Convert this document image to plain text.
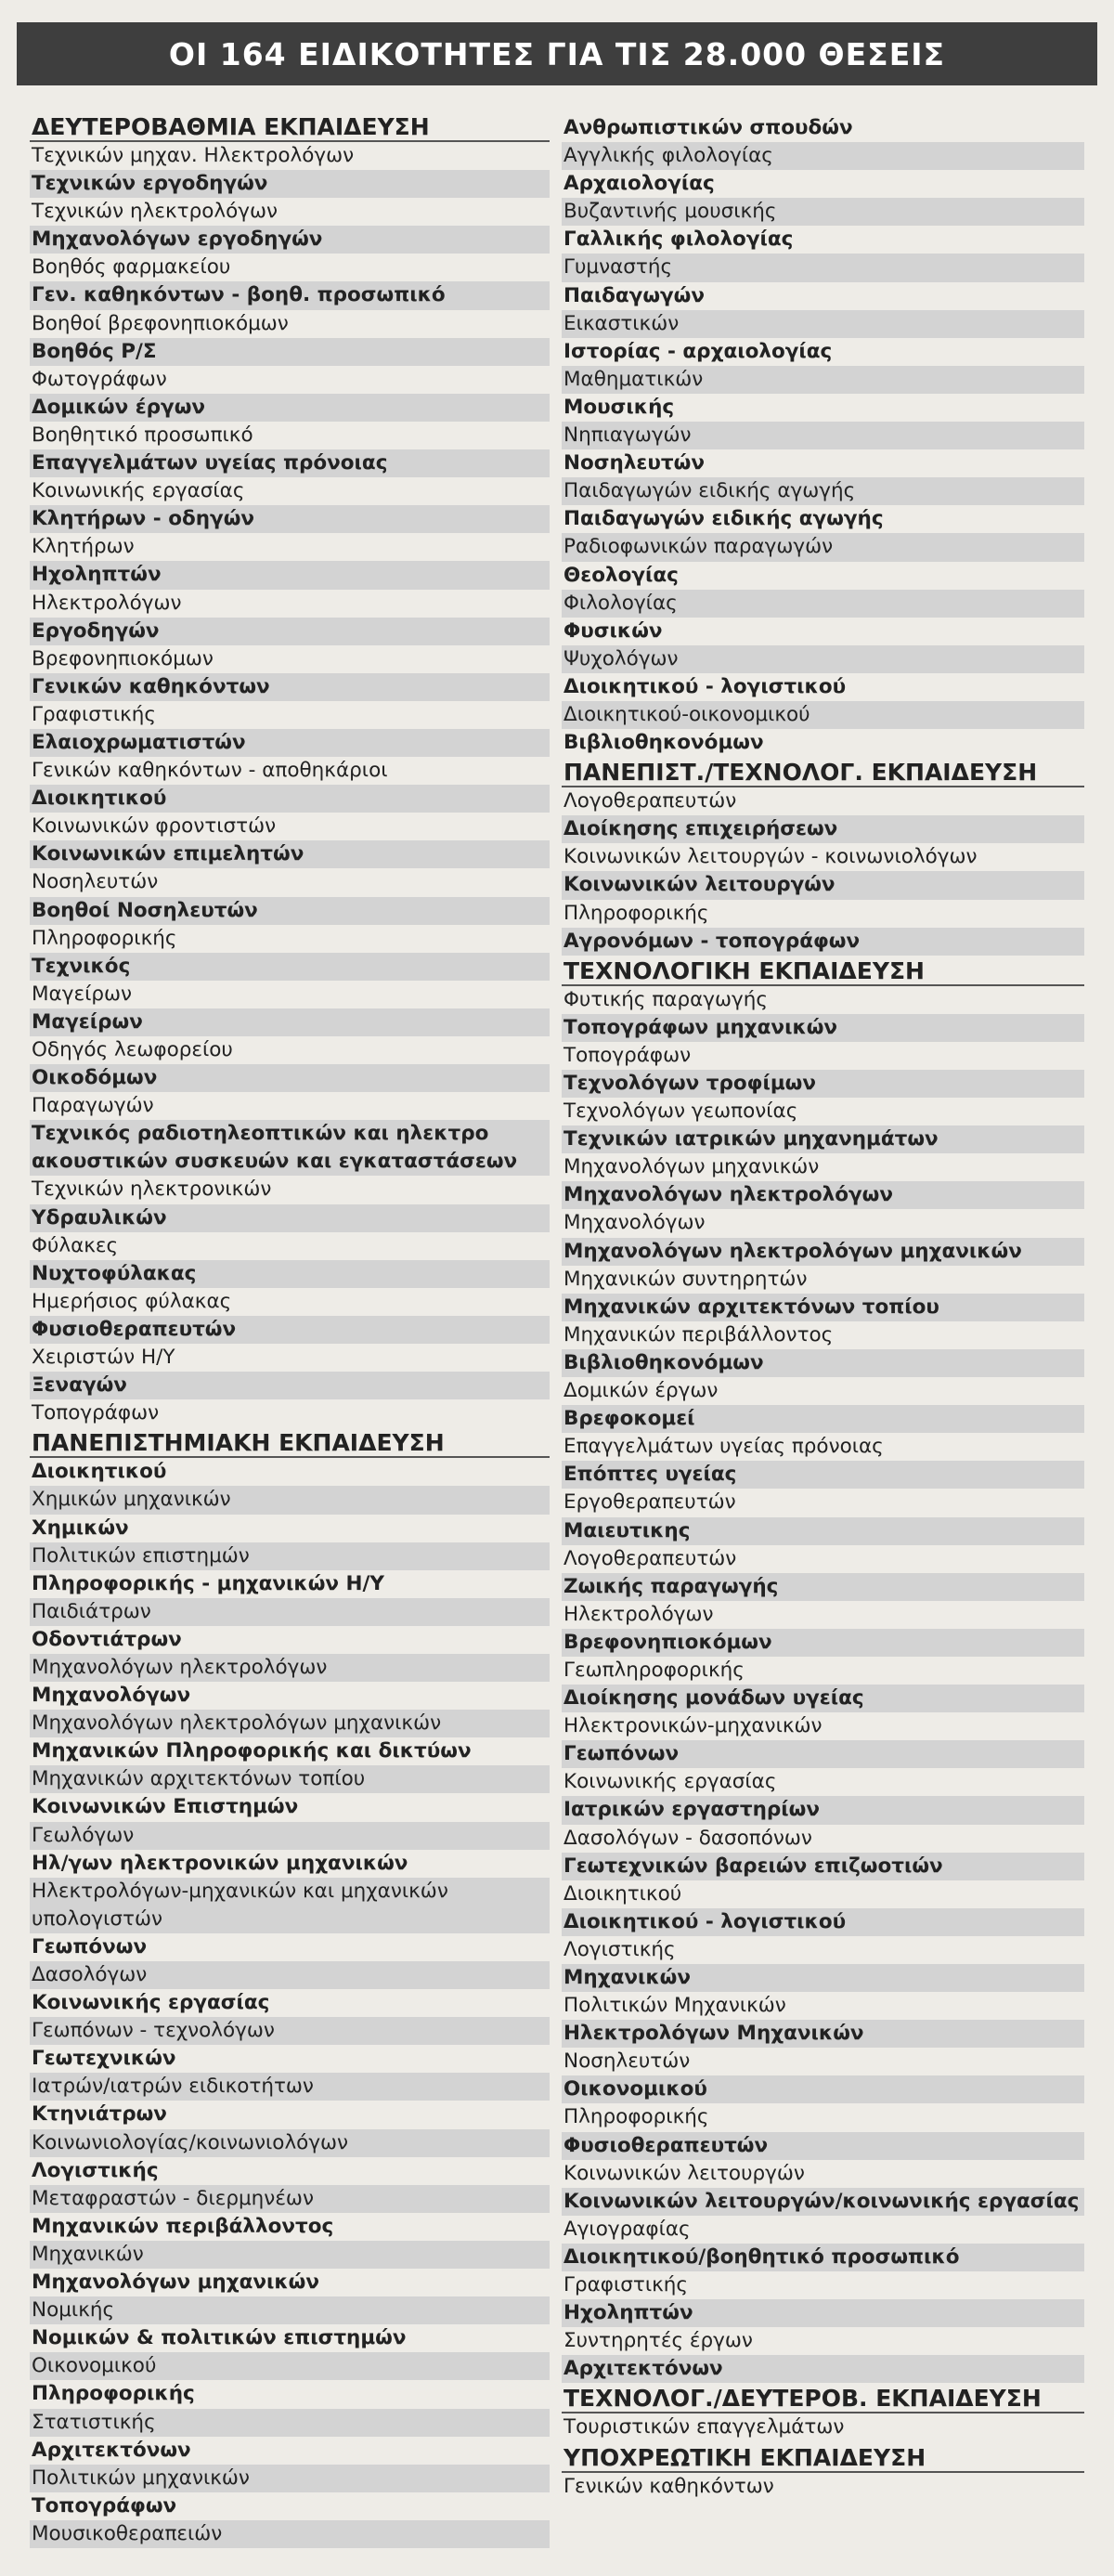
ΟΙ 164 ΕΙΔΙΚΟΤΗΤΕΣ ΓΙΑ ΤΙΣ 28.000 ΘΕΣΕΙΣ
ΔΕΥΤΕΡΟΒΑΘΜΙΑ ΕΚΠΑΙΔΕΥΣΗ
Τεχνικών μηχαν. Ηλεκτρολόγων
Τεχνικών εργοδηγών
Τεχνικών ηλεκτρολόγων
Μηχανολόγων εργοδηγών
Βοηθός φαρμακείου
Γεν. καθηκόντων - βοηθ. προσωπικό
Βοηθοί βρεφονηπιοκόμων
Βοηθός Ρ/Σ
Φωτογράφων
Δομικών έργων
Βοηθητικό προσωπικό
Επαγγελμάτων υγείας πρόνοιας
Κοινωνικής εργασίας
Κλητήρων - οδηγών
Κλητήρων
Ηχοληπτών
Ηλεκτρολόγων
Εργοδηγών
Βρεφονηπιοκόμων
Γενικών καθηκόντων
Γραφιστικής
Ελαιοχρωματιστών
Γενικών καθηκόντων - αποθηκάριοι
Διοικητικού
Κοινωνικών φροντιστών
Κοινωνικών επιμελητών
Νοσηλευτών
Βοηθοί Νοσηλευτών
Πληροφορικής
Τεχνικός
Μαγείρων
Μαγείρων
Οδηγός λεωφορείου
Οικοδόμων
Παραγωγών
Τεχνικός ραδιοτηλεοπτικών και ηλεκτρο ακουστικών συσκευών και εγκαταστάσεων
Τεχνικών ηλεκτρονικών
Υδραυλικών
Φύλακες
Νυχτοφύλακας
Ημερήσιος φύλακας
Φυσιοθεραπευτών
Χειριστών Η/Υ
Ξεναγών
Τοπογράφων
ΠΑΝΕΠΙΣΤΗΜΙΑΚΗ ΕΚΠΑΙΔΕΥΣΗ
Διοικητικού
Χημικών μηχανικών
Χημικών
Πολιτικών επιστημών
Πληροφορικής - μηχανικών Η/Υ
Παιδιάτρων
Οδοντιάτρων
Μηχανολόγων ηλεκτρολόγων
Μηχανολόγων
Μηχανολόγων ηλεκτρολόγων μηχανικών
Μηχανικών Πληροφορικής και δικτύων
Μηχανικών αρχιτεκτόνων τοπίου
Κοινωνικών Επιστημών
Γεωλόγων
Ηλ/γων ηλεκτρονικών μηχανικών
Ηλεκτρολόγων-μηχανικών και μηχανικών υπολογιστών
Γεωπόνων
Δασολόγων
Κοινωνικής εργασίας
Γεωπόνων - τεχνολόγων
Γεωτεχνικών
Ιατρών/ιατρών ειδικοτήτων
Κτηνιάτρων
Κοινωνιολογίας/κοινωνιολόγων
Λογιστικής
Μεταφραστών - διερμηνέων
Μηχανικών περιβάλλοντος
Μηχανικών
Μηχανολόγων μηχανικών
Νομικής
Νομικών & πολιτικών επιστημών
Οικονομικού
Πληροφορικής
Στατιστικής
Αρχιτεκτόνων
Πολιτικών μηχανικών
Τοπογράφων
Μουσικοθεραπειών
Ανθρωπιστικών σπουδών
Αγγλικής φιλολογίας
Αρχαιολογίας
Βυζαντινής μουσικής
Γαλλικής φιλολογίας
Γυμναστής
Παιδαγωγών
Εικαστικών
Ιστορίας - αρχαιολογίας
Μαθηματικών
Μουσικής
Νηπιαγωγών
Νοσηλευτών
Παιδαγωγών ειδικής αγωγής
Παιδαγωγών ειδικής αγωγής
Ραδιοφωνικών παραγωγών
Θεολογίας
Φιλολογίας
Φυσικών
Ψυχολόγων
Διοικητικού - λογιστικού
Διοικητικού-οικονομικού
Βιβλιοθηκονόμων
ΠΑΝΕΠΙΣΤ./ΤΕΧΝΟΛΟΓ. ΕΚΠΑΙΔΕΥΣΗ
Λογοθεραπευτών
Διοίκησης επιχειρήσεων
Κοινωνικών λειτουργών - κοινωνιολόγων
Κοινωνικών λειτουργών
Πληροφορικής
Αγρονόμων - τοπογράφων
ΤΕΧΝΟΛΟΓΙΚΗ ΕΚΠΑΙΔΕΥΣΗ
Φυτικής παραγωγής
Τοπογράφων μηχανικών
Τοπογράφων
Τεχνολόγων τροφίμων
Τεχνολόγων γεωπονίας
Τεχνικών ιατρικών μηχανημάτων
Μηχανολόγων μηχανικών
Μηχανολόγων ηλεκτρολόγων
Μηχανολόγων
Μηχανολόγων ηλεκτρολόγων μηχανικών
Μηχανικών συντηρητών
Μηχανικών αρχιτεκτόνων τοπίου
Μηχανικών περιβάλλοντος
Βιβλιοθηκονόμων
Δομικών έργων
Βρεφοκομεί
Επαγγελμάτων υγείας πρόνοιας
Επόπτες υγείας
Εργοθεραπευτών
Μαιευτικης
Λογοθεραπευτών
Ζωικής παραγωγής
Ηλεκτρολόγων
Βρεφονηπιοκόμων
Γεωπληροφορικής
Διοίκησης μονάδων υγείας
Ηλεκτρονικών-μηχανικών
Γεωπόνων
Κοινωνικής εργασίας
Ιατρικών εργαστηρίων
Δασολόγων - δασοπόνων
Γεωτεχνικών βαρειών επιζωοτιών
Διοικητικού
Διοικητικού - λογιστικού
Λογιστικής
Μηχανικών
Πολιτικών Μηχανικών
Ηλεκτρολόγων Μηχανικών
Νοσηλευτών
Οικονομικού
Πληροφορικής
Φυσιοθεραπευτών
Κοινωνικών λειτουργών
Κοινωνικών λειτουργών/κοινωνικής εργασίας
Αγιογραφίας
Διοικητικού/βοηθητικό προσωπικό
Γραφιστικής
Ηχοληπτών
Συντηρητές έργων
Αρχιτεκτόνων
ΤΕΧΝΟΛΟΓ./ΔΕΥΤΕΡΟΒ. ΕΚΠΑΙΔΕΥΣΗ
Τουριστικών επαγγελμάτων
ΥΠΟΧΡΕΩΤΙΚΗ ΕΚΠΑΙΔΕΥΣΗ
Γενικών καθηκόντων
